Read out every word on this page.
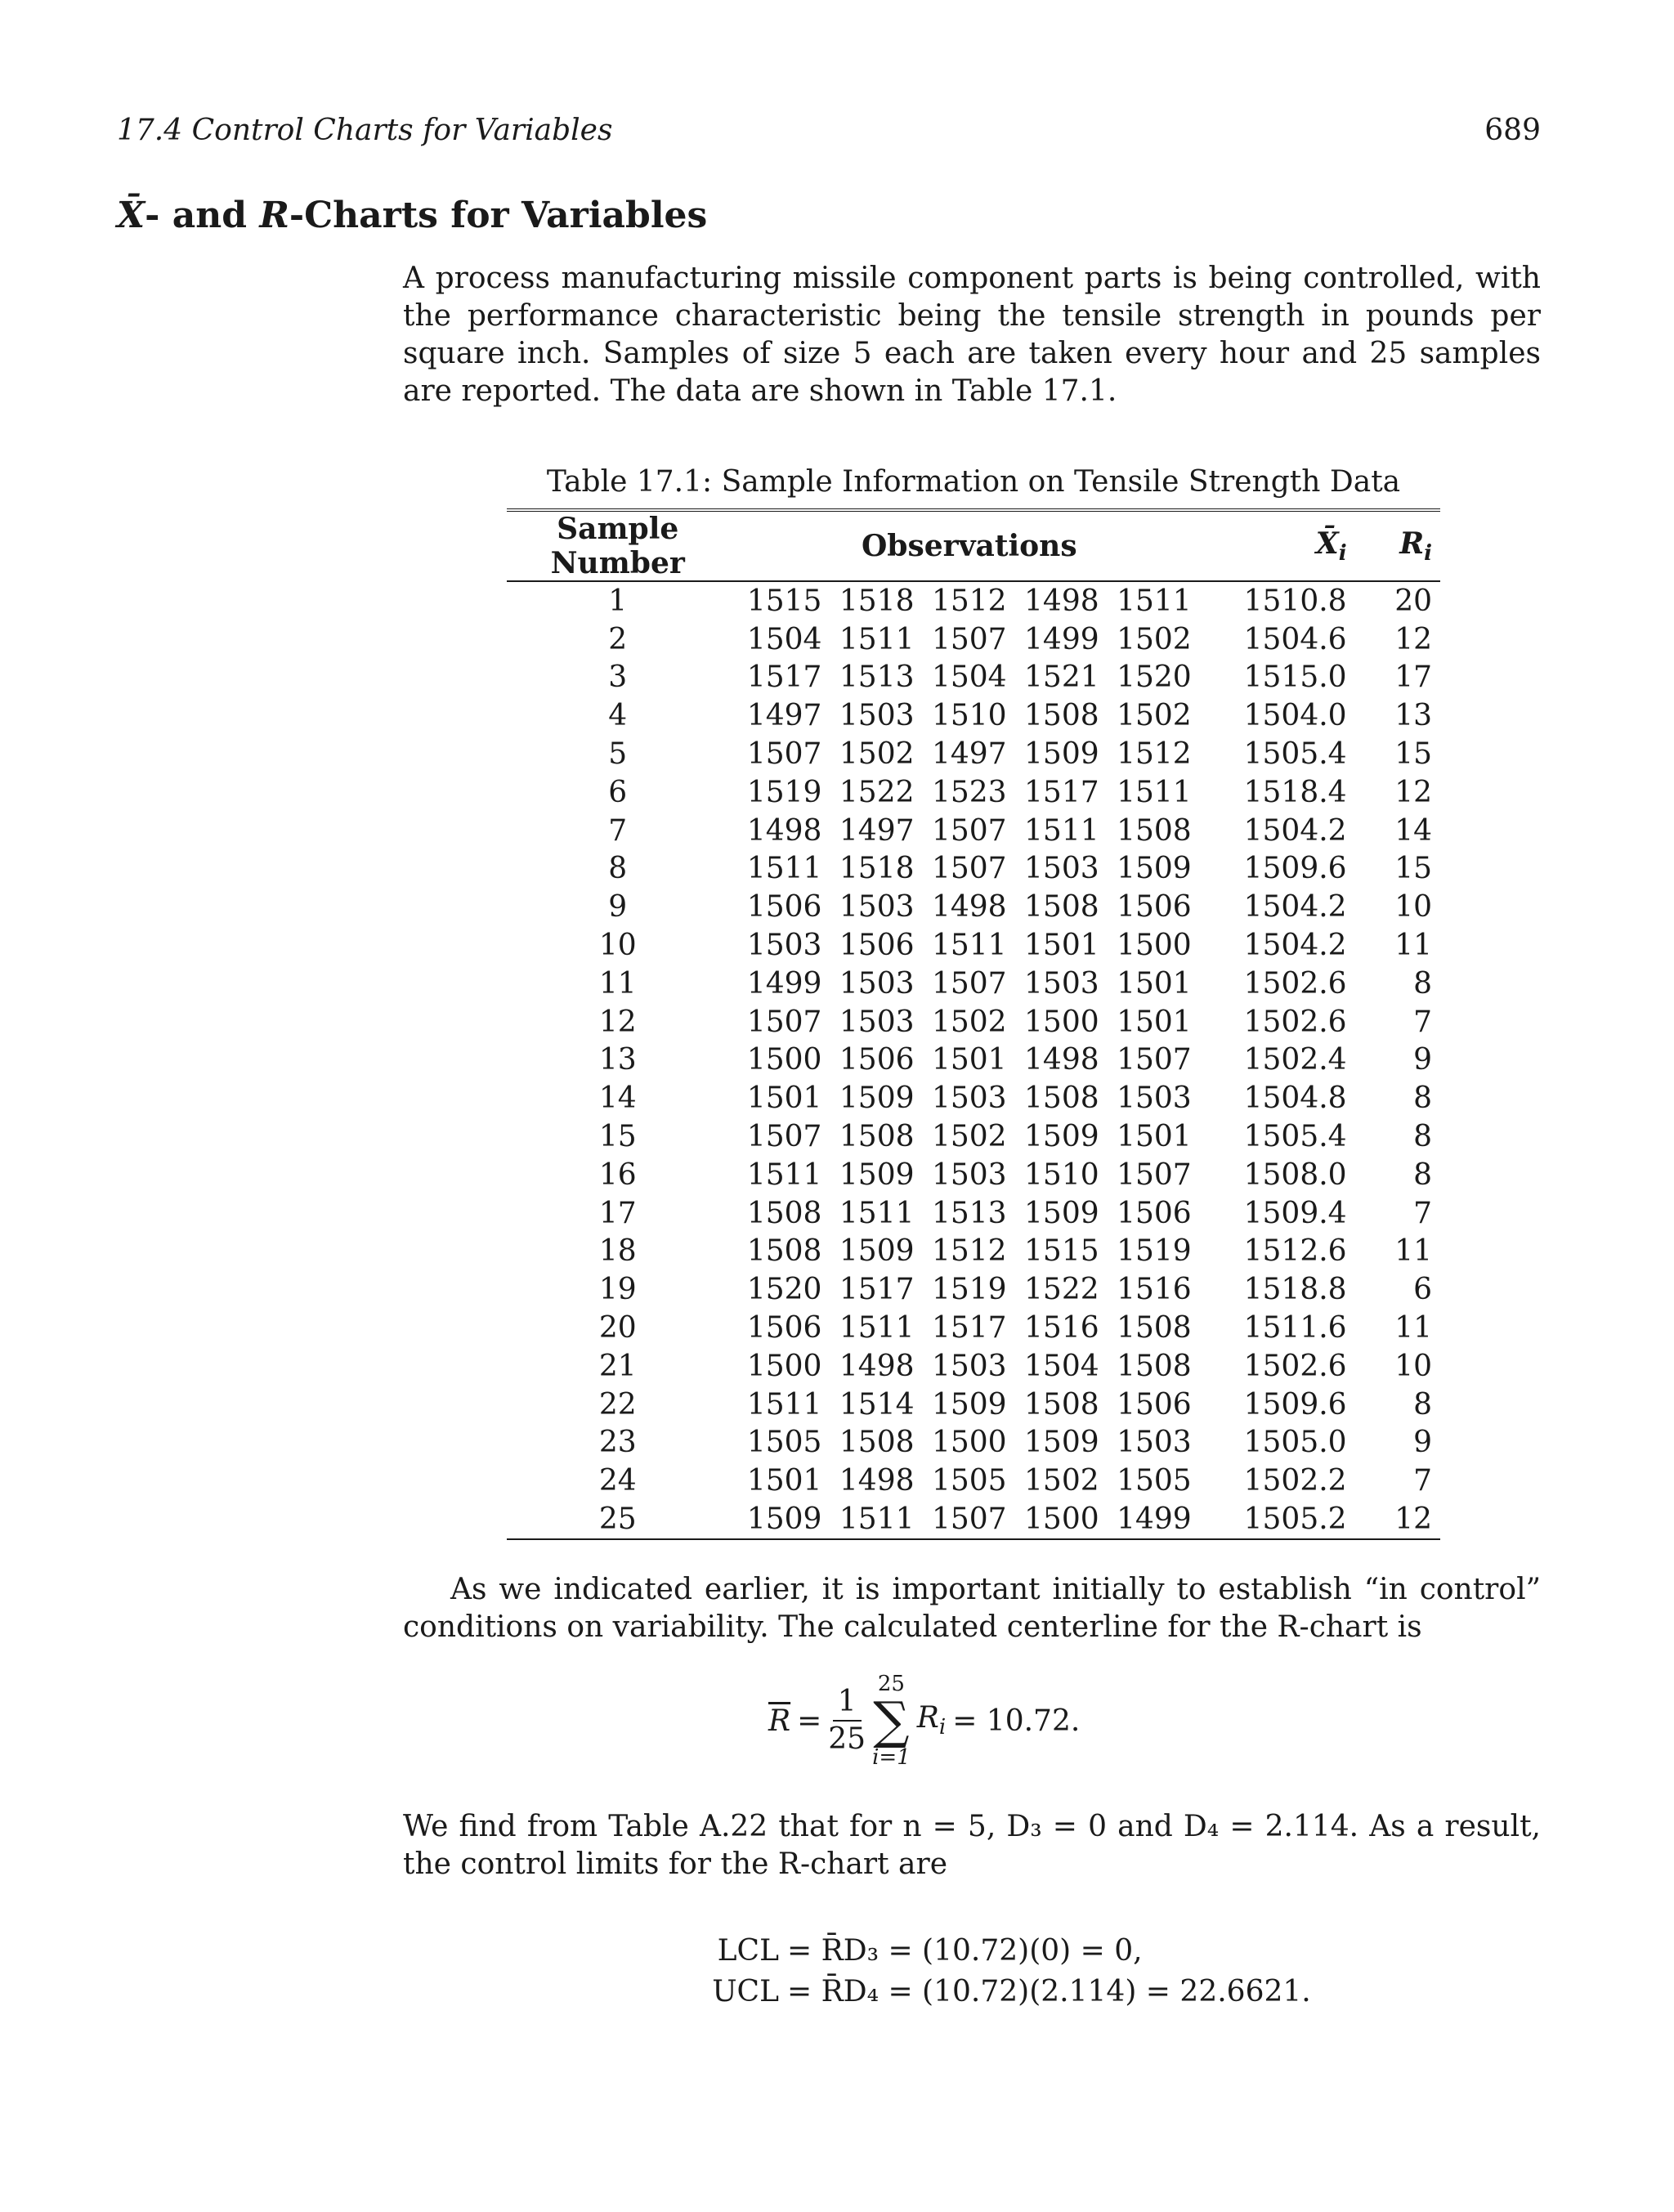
17.4 Control Charts for Variables	689
X̄- and R-Charts for Variables
A process manufacturing missile component parts is being controlled, with the performance characteristic being the tensile strength in pounds per square inch. Samples of size 5 each are taken every hour and 25 samples are reported. The data are shown in Table 17.1.
Table 17.1: Sample Information on Tensile Strength Data
Sample Number	Observations	$X̄_i$	$R_i$
1	1515 1518 1512 1498 1511	1510.8	20
2	1504 1511 1507 1499 1502	1504.6	12
3	1517 1513 1504 1521 1520	1515.0	17
4	1497 1503 1510 1508 1502	1504.0	13
5	1507 1502 1497 1509 1512	1505.4	15
6	1519 1522 1523 1517 1511	1518.4	12
7	1498 1497 1507 1511 1508	1504.2	14
8	1511 1518 1507 1503 1509	1509.6	15
9	1506 1503 1498 1508 1506	1504.2	10
10	1503 1506 1511 1501 1500	1504.2	11
11	1499 1503 1507 1503 1501	1502.6	8
12	1507 1503 1502 1500 1501	1502.6	7
13	1500 1506 1501 1498 1507	1502.4	9
14	1501 1509 1503 1508 1503	1504.8	8
15	1507 1508 1502 1509 1501	1505.4	8
16	1511 1509 1503 1510 1507	1508.0	8
17	1508 1511 1513 1509 1506	1509.4	7
18	1508 1509 1512 1515 1519	1512.6	11
19	1520 1517 1519 1522 1516	1518.8	6
20	1506 1511 1517 1516 1508	1511.6	11
21	1500 1498 1503 1504 1508	1502.6	10
22	1511 1514 1509 1508 1506	1509.6	8
23	1505 1508 1500 1509 1503	1505.0	9
24	1501 1498 1505 1502 1505	1502.2	7
25	1509 1511 1507 1500 1499	1505.2	12
As we indicated earlier, it is important initially to establish “in control” conditions on variability. The calculated centerline for the R-chart is
$\overline{R} = \frac{1}{25} 25$
∑
i=1
$R_i = 10.72$.
We find from Table A.22 that for n = 5, D₃ = 0 and D₄ = 2.114. As a result, the control limits for the R-chart are
LCL = R̄D₃ = (10.72)(0) = 0,
UCL = R̄D₄ = (10.72)(2.114) = 22.6621.
